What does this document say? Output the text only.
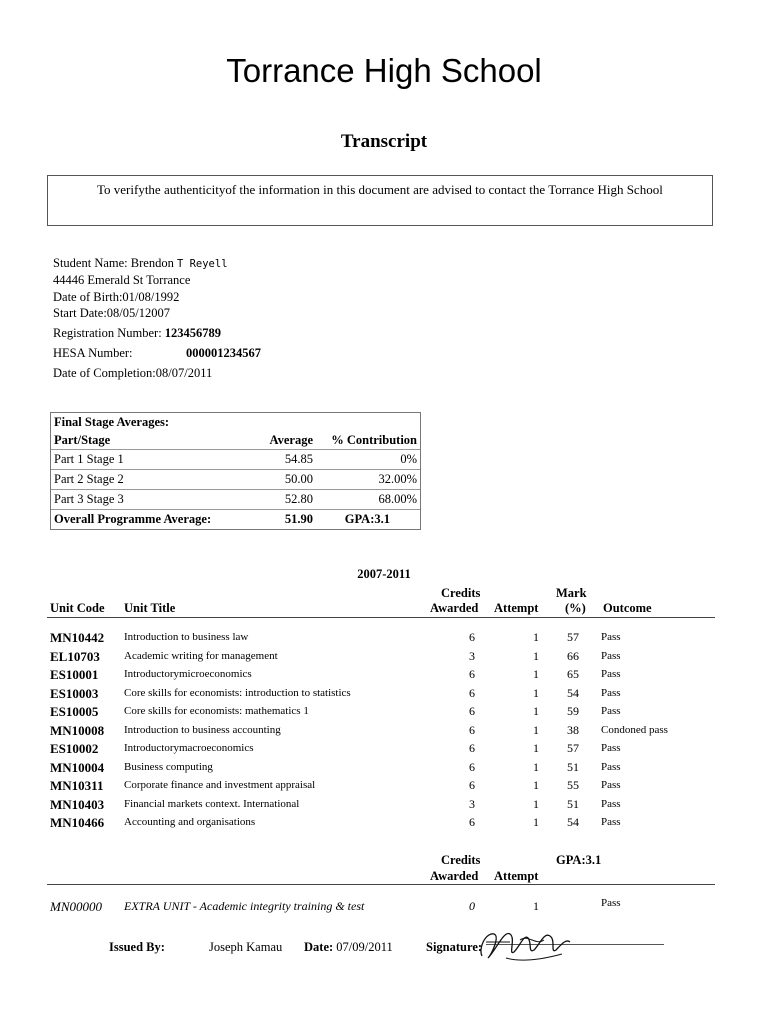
Torrance High School
Transcript
To verifythe authenticityof the information in this document are advised to contact the Torrance High School
Student Name: Brendon T Reyell
44446 Emerald St Torrance
Date of Birth:01/08/1992
Start Date:08/05/12007
Registration Number: 123456789
HESA Number:	000001234567
Date of Completion:08/07/2011
Final Stage Averages:
Part/Stage	Average % Contribution
Part 1 Stage 1	54.85	0%
Part 2 Stage 2	50.00	32.00%
Part 3 Stage 3	52.80	68.00%
Overall Programme Average:	51.90	GPA:3.1
2007-2011
Credits	Mark
Unit Code Unit Title	Awarded Attempt (%) Outcome
MN10442 Introduction to business law	6	1	57	Pass
EL10703 Academic writing for management	3	1	66	Pass
ES10001 Introductorymicroeconomics	6	1	65	Pass
ES10003 Core skills for economists: introduction to statistics	6	1	54	Pass
ES10005 Core skills for economists: mathematics 1	6	1	59	Pass
MN10008 Introduction to business accounting	6	1	38	Condoned pass
ES10002 Introductorymacroeconomics	6	1	57	Pass
MN10004 Business computing	6	1	51	Pass
MN10311 Corporate finance and investment appraisal	6	1	55	Pass
MN10403 Financial markets context. International	3	1	51	Pass
MN10466 Accounting and organisations	6	1	54	Pass
Credits	GPA:3.1
Awarded Attempt
MN00000 EXTRA UNIT - Academic integrity training & test	0	1	Pass
Issued By:	Joseph Kamau Date: 07/09/2011	Signature:
